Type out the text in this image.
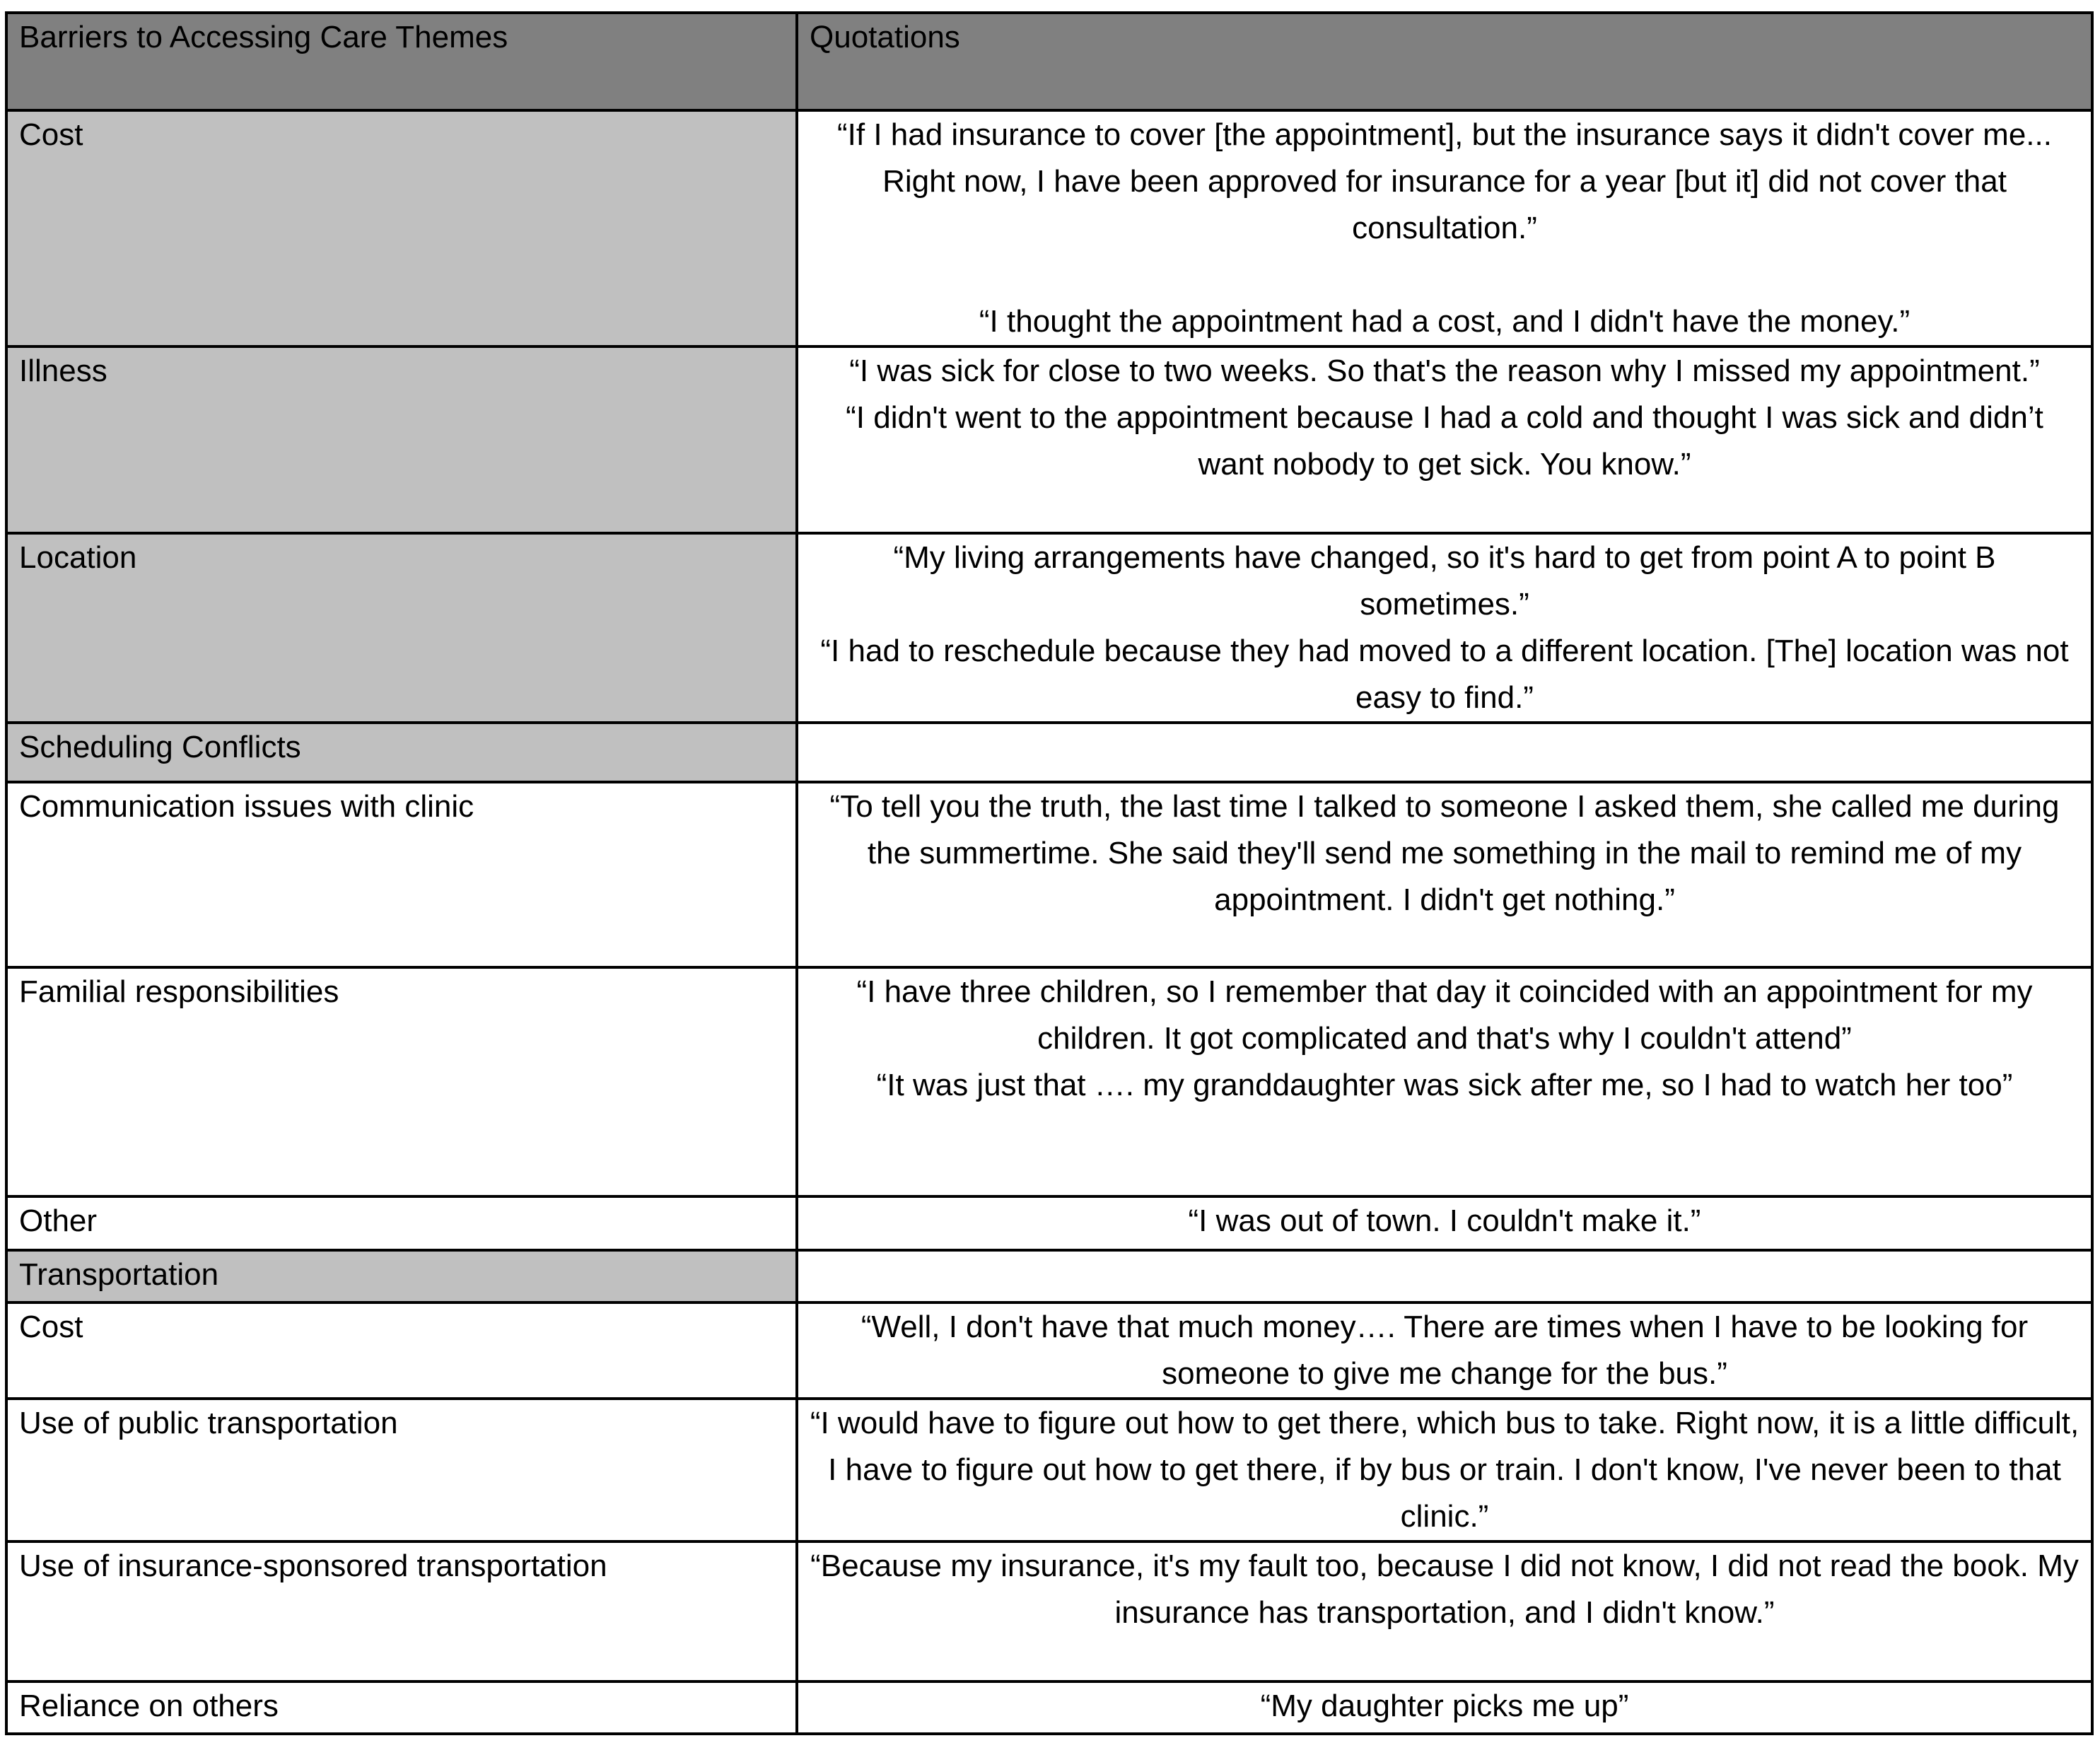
Barriers to Accessing Care Themes	Quotations
Cost	“If I had insurance to cover [the appointment], but the insurance says it didn't cover me... Right now, I have been approved for insurance for a year [but it] did not cover that consultation.”

“I thought the appointment had a cost, and I didn't have the money.”

Illness	“I was sick for close to two weeks. So that's the reason why I missed my appointment.”

“I didn't went to the appointment because I had a cold and thought I was sick and didn’t want nobody to get sick. You know.”

Location	“My living arrangements have changed, so it's hard to get from point A to point B sometimes.”

“I had to reschedule because they had moved to a different location. [The] location was not easy to find.”

Scheduling Conflicts	
Communication issues with clinic	“To tell you the truth, the last time I talked to someone I asked them, she called me during the summertime. She said they'll send me something in the mail to remind me of my appointment. I didn't get nothing.”

Familial responsibilities	“I have three children, so I remember that day it coincided with an appointment for my children. It got complicated and that's why I couldn't attend”

“It was just that …. my granddaughter was sick after me, so I had to watch her too”

Other	“I was out of town. I couldn't make it.”

Transportation	
Cost	“Well, I don't have that much money…. There are times when I have to be looking for someone to give me change for the bus.”

Use of public transportation	“I would have to figure out how to get there, which bus to take. Right now, it is a little difficult, I have to figure out how to get there, if by bus or train. I don't know, I've never been to that clinic.”

Use of insurance-sponsored transportation	“Because my insurance, it's my fault too, because I did not know, I did not read the book. My insurance has transportation, and I didn't know.”

Reliance on others	“My daughter picks me up”
